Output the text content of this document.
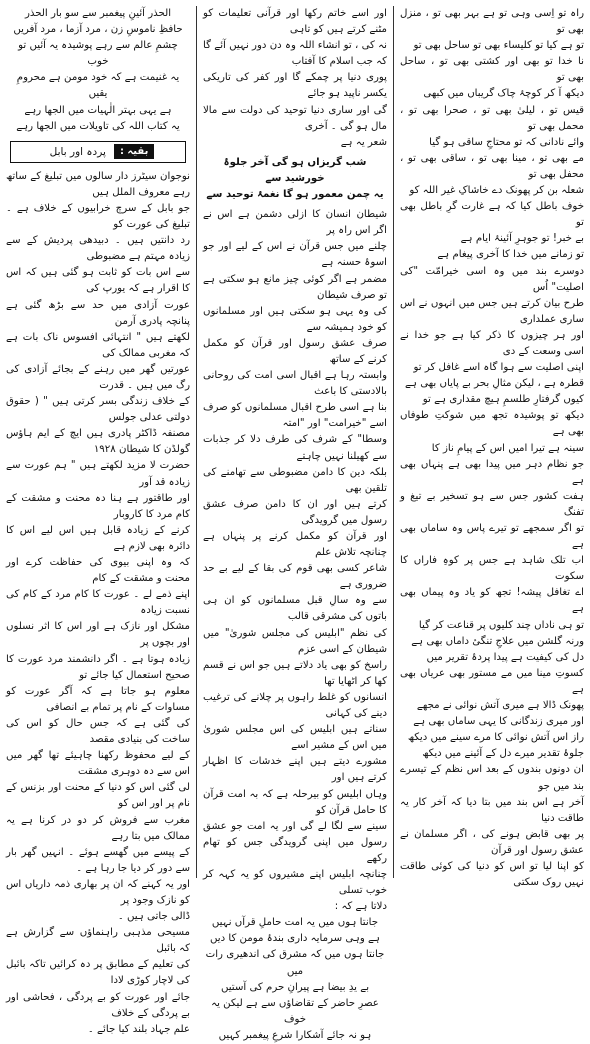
راہ تو اِسی وہی تو ہے بہر بھی تو ، منزل بھی تو

تو ہے کیا تو کلیساء بھی تو ساحل بھی تو

نا خدا تو بھی اور کشتی بھی تو ، ساحل بھی تو

دیکھ آ کر کوچۂ چاک گریباں میں کبھی

قیس تو ، لیلیٰ بھی تو ، صحرا بھی تو ، محمل بھی تو

وائے نادانی کہ تو محتاجِ ساقی ہو گیا

مے بھی تو ، مینا بھی تو ، ساقی بھی تو ، محفل بھی تو

شعلہ بن کر پھونک دے خاشاکِ غیر اللہ کو

خوف باطل کیا کہ ہے غارت گرِ باطل بھی تو

بے خبر! تو جوہرِ آئینۂ ایام ہے

تو زمانے میں خدا کا آخری پیغام ہے

دوسرے بند میں وہ اسی خیرامّت "کی اصلیت" اُس

طرح بیان کرتے ہیں جس میں انہوں نے اس ساری عملداری

اور ہر چیزوں کا ذکر کیا ہے جو خدا نے اسی وسعت کے دی

اپنی اصلیت سے ہوا گاہ اسے غافل کر تو

قطرہ ہے ، لیکن مثالِ بحر بے پایاں بھی ہے

کیوں گرفتارِ طلسمِ ہیچ مقداری ہے تو

دیکھ تو پوشیدہ تجھ میں شوکتِ طوفاں بھی ہے

سینہ ہے تیرا امیں اس کے پیامِ ناز کا

جو نظام دہر میں پیدا بھی ہے پنہاں بھی ہے

ہفت کشور جس سے ہو تسخیر بے تیغ و تفنگ

تو اگر سمجھے تو تیرے پاس وہ ساماں بھی ہے

اب تلک شاہد ہے جس پر کوہِ فاراں کا سکوت

اے تغافل پیشہ! تجھ کو یاد وہ پیماں بھی ہے

تو ہی ناداں چند کلیوں پر قناعت کر گیا

ورنہ گلشن میں علاجِ تنگیٔ داماں بھی ہے

دل کی کیفیت ہے پیدا پردۂ تقریر میں

کسوتِ مینا میں مے مستور بھی عریاں بھی ہے

پھونک ڈالا ہے میری آتش نوائی نے مجھے

اور میری زندگانی کا یہی ساماں بھی ہے

راز اس آتش نوائی کا مرے سینے میں دیکھ

جلوۂ تقدیر میرے دل کے آئینے میں دیکھ

ان دونوں بندوں کے بعد اس نظم کے تیسرے بند میں جو

آخر ہے اس بند میں بتا دیا کہ آخر کار یہ طاقت دنیا

پر بھی قابض ہونے کی ، اگر مسلمان نے عشق رسول اور قرآن

کو اپنا لیا تو اس کو دنیا کی کوئی طاقت نہیں روک سکتی

اور اسے خاتم رکھا اور قرآنی تعلیمات کو مٹنے کرتے ہیں کو تاہی

نہ کی ، تو انشاء اللہ وہ دن دور نہیں آئے گا کہ جب اسلام کا آفتاب

پوری دنیا پر چمکے گا اور کفر کی تاریکی یکسر ناپید ہو جائے

گی اور ساری دنیا توحید کی دولت سے مالا مال ہو گی ۔ آخری

شعر یہ ہے

شب گریزاں ہو گی آخر جلوۂ خورشید سے

یہ چمن معمور ہو گا نغمۂ توحید سے

شیطان انسان کا ازلی دشمن ہے اس نے اگر اس راہ پر

چلنے میں جس قرآن نے اس کے لیے اور جو اسوۂ حسنہ ہے

مضمر ہے اگر کوئی چیز مانع ہو سکتی ہے تو صرف شیطان

کی وہ یہی ہو سکتی ہیں اور مسلمانوں کو خود ہمیشہ سے

صرف عشق رسول اور قرآن کو مکمل کرنے کے ساتھ

وابستہ رہا ہے اقبال اسی امت کی روحانی بالادستی کا باعث

بنا ہے اسی طرح اقبال مسلمانوں کو صرف اسے "خیرامت" اور "امتہ

وسطا" کے شرف کی طرف دلا کر جذبات سے کھیلنا نہیں چاہتے

بلکہ دین کا دامن مضبوطی سے تھامنے کی تلقین بھی

کرتے ہیں اور ان کا دامن صرف عشق رسول میں گرویدگی

اور قرآن کو مکمل کرنے پر پنہاں ہے چنانچہ تلاش علم

شاعر کسی بھی قوم کی بقا کے لیے بے حد ضروری ہے

سے وہ سالِ قبل مسلمانوں کو ان ہی باتوں کی مشرقی قالب

کی نظم "ابلیس کی مجلس شوریٰ" میں شیطان کے اسی عزم

راسخ کو بھی یاد دلاتے ہیں جو اس نے قسم کھا کر اٹھایا تھا

انسانوں کو غلط راہوں پر چلانے کی ترغیب دینے کی کہانی

سناتے ہیں ابلیس کی اس مجلس شوریٰ میں اس کے مشیر اسے

مشورے دیتے ہیں اپنے خدشات کا اظہار کرتے ہیں اور

وہاں ابلیس کو بیرحلہ ہے کہ بہ امت قرآن کا حامل قرآن کو

سینے سے لگا لے گی اور یہ امت جو عشق رسول میں اپنی گرویدگی جس کو تھام رکھے

چنانچہ ابلیس اپنے مشیروں کو یہ کہہ کر خوب تسلی

دلاتا ہے کہ :

جانتا ہوں میں یہ امت حاملِ قرآں نہیں

ہے وہی سرمایہ داری بندۂ مومن کا دیں

جانتا ہوں میں کہ مشرق کی اندھیری رات میں

بے یدِ بیضا ہے پیرانِ حرم کی آستیں

عصرِ حاضر کے تقاضاؤں سے ہے لیکن یہ خوف

ہو نہ جائے آشکارا شرعِ پیغمبر کہیں

الحذر آئینِ پیغمبر سے سو بار الحذر

حافظِ ناموسِ زن ، مرد آزما ، مرد آفریں

چشمِ عالم سے رہے پوشیدہ یہ آئیں تو خوب

یہ غنیمت ہے کہ خود مومن ہے محرومِ یقیں

ہے یہی بہتر الٰہیات میں الجھا رہے

یہ کتاب اللہ کی تاویلات میں الجھا رہے

بقیہ :
پردہ اور بابل

نوجوان سیٹرز دار سالوں میں تبلیغ کے ساتھ رہے معروف الملل ہیں

جو بابل کے سرچ خرابیوں کے خلاف ہے ۔ تبلیغ کی عورت کو

رد دانتیں ہیں ۔ دبیدھی پردیش کے سے زیادہ مہتم ہے مضبوطی

سے اس بات کو ثابت ہو گئی ہیں کہ اس کا اقرار ہے کہ یورپ کی

عورت آزادی میں حد سے بڑھ گئی ہے پنانچہ پادری آرمن

لکھتے ہیں " انتہائی افسوس ناک بات ہے کہ مغربی ممالک کی

عورتیں گھر میں رہنے کے بجائے آزادی کی رگ میں ہیں ۔ قدرت

کے خلاف زندگی بسر کرتی ہیں " ( حقوق دولتی عدلی جولس

مصنفہ ڈاکٹر پادری ہیں ایچ کے ایم ہاؤس گولڈن کا شیطان ۱۹۲۸

حضرت لا مزید لکھتے ہیں " ہم عورت سے زیادہ قد آور

اور طاقتور ہے ہنا دہ محنت و مشقت کے کام مرد کا کاروبار

کرنے کے زیادہ قابل ہیں اس لیے اس کا دائرہ بھی لازم ہے

کہ وہ اپنی بیوی کی حفاظت کرے اور محنت و مشقت کے کام

اپنے ذمے لے ۔ عورت کا کام مرد کے کام کی نسبت زیادہ

مشکل اور نازک ہے اور اس کا اثر نسلوں اور بچوں پر

زیادہ ہوتا ہے ۔ اگر دانشمند مرد عورت کا صحیح استعمال کیا جائے تو

معلوم ہو جاتا ہے کہ آگر عورت کو مساوات کے نام پر تمام بے انصافی

کی گئی ہے کہ جس حال کو اس کی ساخت کی بنیادی مقصد

کے لیے محفوظ رکھنا چاہیئے تھا گھر میں اس سے دہ دوہری مشقت

لی گئی اس کو دنیا کے محنت اور بزنس کے نام پر اور اس کو

مغرب سے فروش کر دو در کرنا ہے یہ ممالک میں بتا رہے

کے پیسے میں گھسے ہوئے ۔ انہیں گھر بار سے دور کر دیا جا رہا ہے ۔

اور یہ کہنے کہ ان پر بھاری ذمہ داریاں اس کو نازک وجود پر

ڈالی جاتی ہیں ۔

مسیحی مذہبی راہنماؤں سے گزارش ہے کہ بائبل

کی تعلیم کے مطابق پر دہ کرائیں تاکہ بائبل کی لاچار کوڑی لادا

جائے اور عورت کو بے پردگی ، فحاشی اور بے پردگی کے خلاف

علم جہاد بلند کیا جائے ۔
